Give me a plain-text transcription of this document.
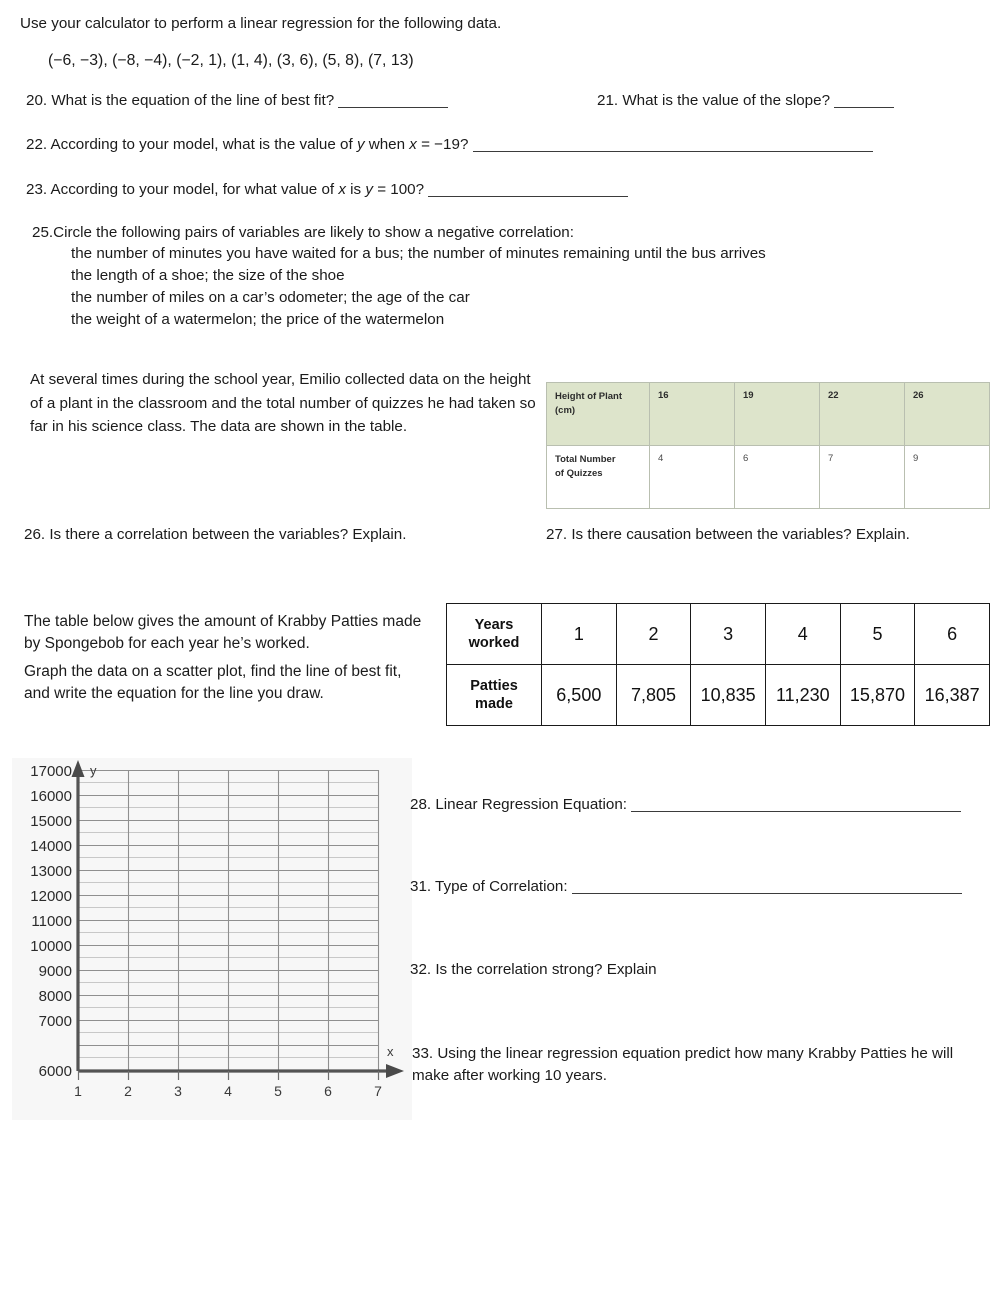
Use your calculator to perform a linear regression for the following data.
(−6, −3), (−8, −4), (−2, 1), (1, 4), (3, 6), (5, 8), (7, 13)
20. What is the equation of the line of best fit?	21. What is the value of the slope?
22. According to your model, what is the value of y when x = −19?
23. According to your model, for what value of x is y = 100?
25.Circle the following pairs of variables are likely to show a negative correlation:
the number of minutes you have waited for a bus; the number of minutes remaining until the bus arrives
the length of a shoe; the size of the shoe
the number of miles on a car’s odometer; the age of the car
the weight of a watermelon; the price of the watermelon
At several times during the school year, Emilio collected data on the height of a plant in the classroom and the total number of quizzes he had taken so far in his science class. The data are shown in the table.
Height of Plant
(cm)	16	19	22	26

Total Number
of Quizzes	4	6	7	9
26. Is there a correlation between the variables? Explain.	27. Is there causation between the variables? Explain.
The table below gives the amount of Krabby Patties made
by Spongebob for each year he’s worked.
Graph the data on a scatter plot, find the line of best fit,
and write the equation for the line you draw.
Years
worked	1	2	3	4	5	6

Patties
made	6,500	7,805	10,835	11,230	15,870	16,387
y
x
17000
16000
15000
14000
13000
12000
11000
10000
9000
8000
7000
6000
1	2	3	4	5	6	7
28. Linear Regression Equation:
31. Type of Correlation:
32. Is the correlation strong? Explain
33. Using the linear regression equation predict how many Krabby Patties he will make after working 10 years.
